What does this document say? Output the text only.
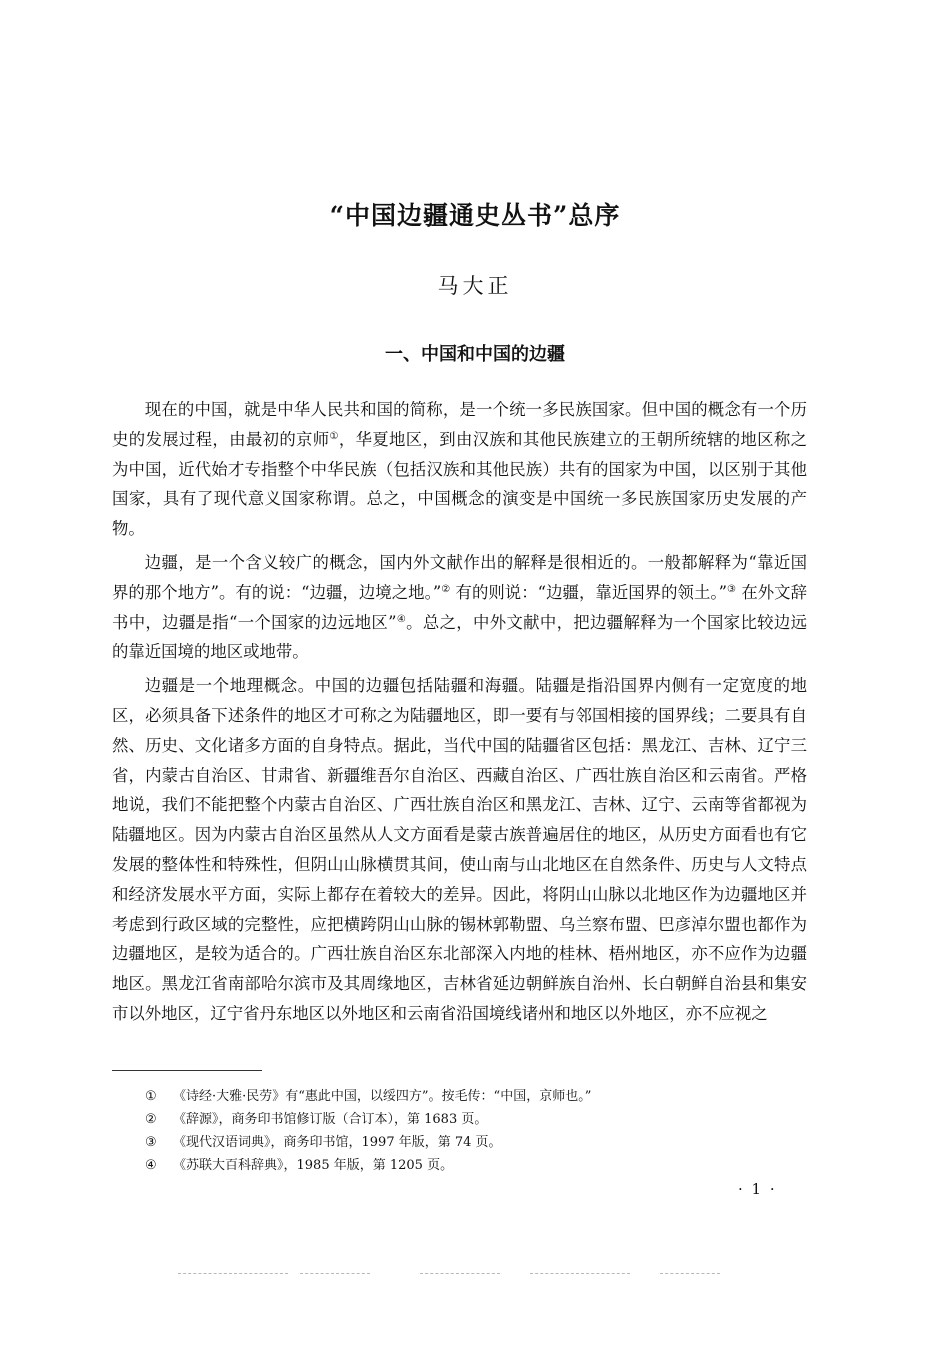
“中国边疆通史丛书”总序
马大正
一、中国和中国的边疆

现在的中国，就是中华人民共和国的简称，是一个统一多民族国家。但中国的概念有一个历史的发展过程，由最初的京师①，华夏地区，到由汉族和其他民族建立的王朝所统辖的地区称之为中国，近代始才专指整个中华民族（包括汉族和其他民族）共有的国家为中国，以区别于其他国家，具有了现代意义国家称谓。总之，中国概念的演变是中国统一多民族国家历史发展的产物。

边疆，是一个含义较广的概念，国内外文献作出的解释是很相近的。一般都解释为“靠近国界的那个地方”。有的说：“边疆，边境之地。”② 有的则说：“边疆，靠近国界的领土。”③ 在外文辞书中，边疆是指“一个国家的边远地区”④。总之，中外文献中，把边疆解释为一个国家比较边远的靠近国境的地区或地带。

边疆是一个地理概念。中国的边疆包括陆疆和海疆。陆疆是指沿国界内侧有一定宽度的地区，必须具备下述条件的地区才可称之为陆疆地区，即一要有与邻国相接的国界线；二要具有自然、历史、文化诸多方面的自身特点。据此，当代中国的陆疆省区包括：黑龙江、吉林、辽宁三省，内蒙古自治区、甘肃省、新疆维吾尔自治区、西藏自治区、广西壮族自治区和云南省。严格地说，我们不能把整个内蒙古自治区、广西壮族自治区和黑龙江、吉林、辽宁、云南等省都视为陆疆地区。因为内蒙古自治区虽然从人文方面看是蒙古族普遍居住的地区，从历史方面看也有它发展的整体性和特殊性，但阴山山脉横贯其间，使山南与山北地区在自然条件、历史与人文特点和经济发展水平方面，实际上都存在着较大的差异。因此，将阴山山脉以北地区作为边疆地区并考虑到行政区域的完整性，应把横跨阴山山脉的锡林郭勒盟、乌兰察布盟、巴彦淖尔盟也都作为边疆地区，是较为适合的。广西壮族自治区东北部深入内地的桂林、梧州地区，亦不应作为边疆地区。黑龙江省南部哈尔滨市及其周缘地区，吉林省延边朝鲜族自治州、长白朝鲜自治县和集安市以外地区，辽宁省丹东地区以外地区和云南省沿国境线诸州和地区以外地区，亦不应视之

① 《诗经·大雅·民劳》有“惠此中国，以绥四方”。按毛传：“中国，京师也。”
② 《辞源》，商务印书馆修订版（合订本），第 1683 页。
③ 《现代汉语词典》，商务印书馆，1997 年版，第 74 页。
④ 《苏联大百科辞典》，1985 年版，第 1205 页。
· 1 ·
